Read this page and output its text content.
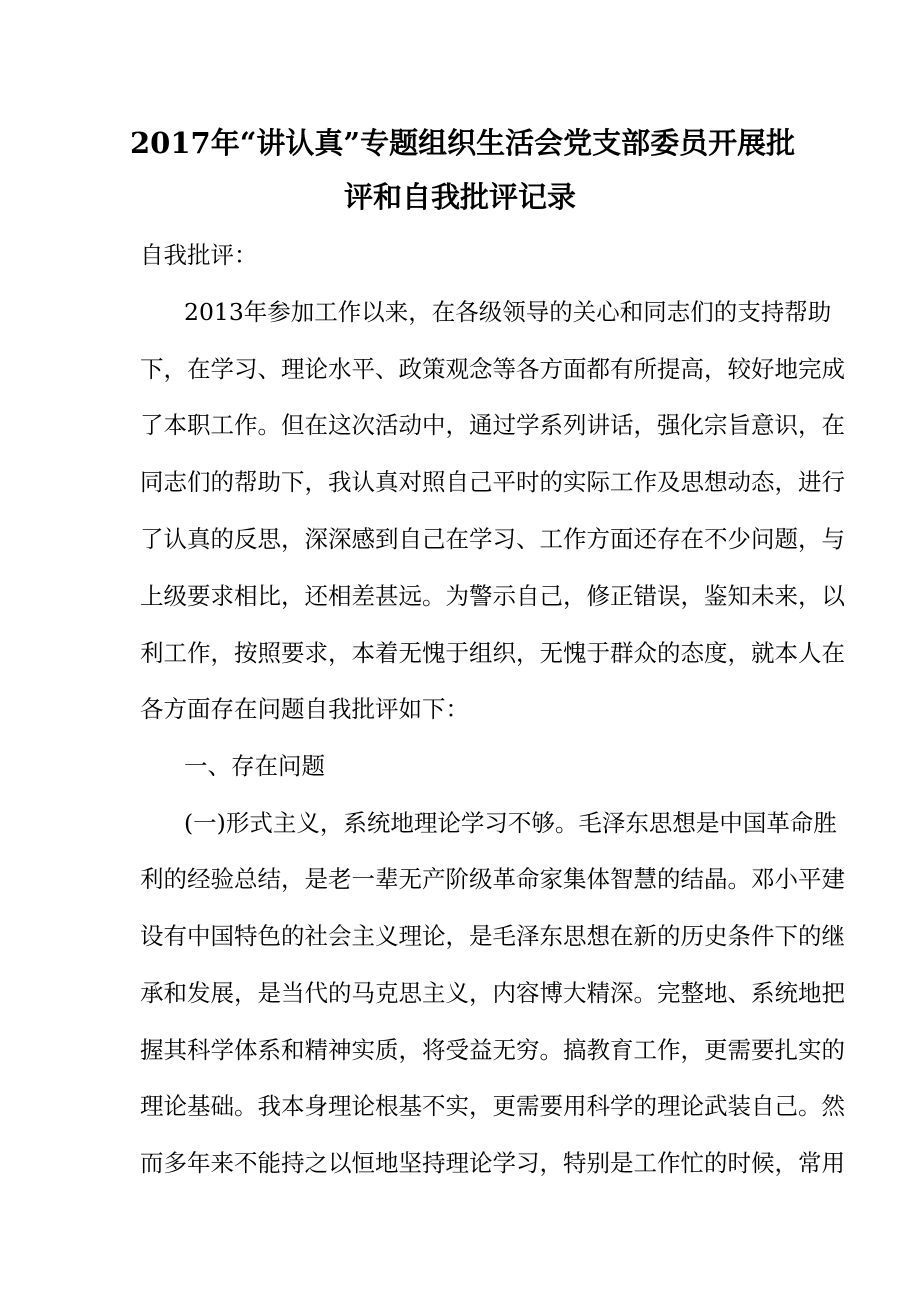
2017年“讲认真”专题组织生活会党支部委员开展批
评和自我批评记录
自我批评：
2013年参加工作以来，在各级领导的关心和同志们的支持帮助
下，在学习、理论水平、政策观念等各方面都有所提高，较好地完成
了本职工作。但在这次活动中，通过学系列讲话，强化宗旨意识，在
同志们的帮助下，我认真对照自己平时的实际工作及思想动态，进行
了认真的反思，深深感到自己在学习、工作方面还存在不少问题，与
上级要求相比，还相差甚远。为警示自己，修正错误，鉴知未来，以
利工作，按照要求，本着无愧于组织，无愧于群众的态度，就本人在
各方面存在问题自我批评如下：
一、存在问题
(一)形式主义，系统地理论学习不够。毛泽东思想是中国革命胜
利的经验总结，是老一辈无产阶级革命家集体智慧的结晶。邓小平建
设有中国特色的社会主义理论，是毛泽东思想在新的历史条件下的继
承和发展，是当代的马克思主义，内容博大精深。完整地、系统地把
握其科学体系和精神实质，将受益无穷。搞教育工作，更需要扎实的
理论基础。我本身理论根基不实，更需要用科学的理论武装自己。然
而多年来不能持之以恒地坚持理论学习，特别是工作忙的时候，常用
